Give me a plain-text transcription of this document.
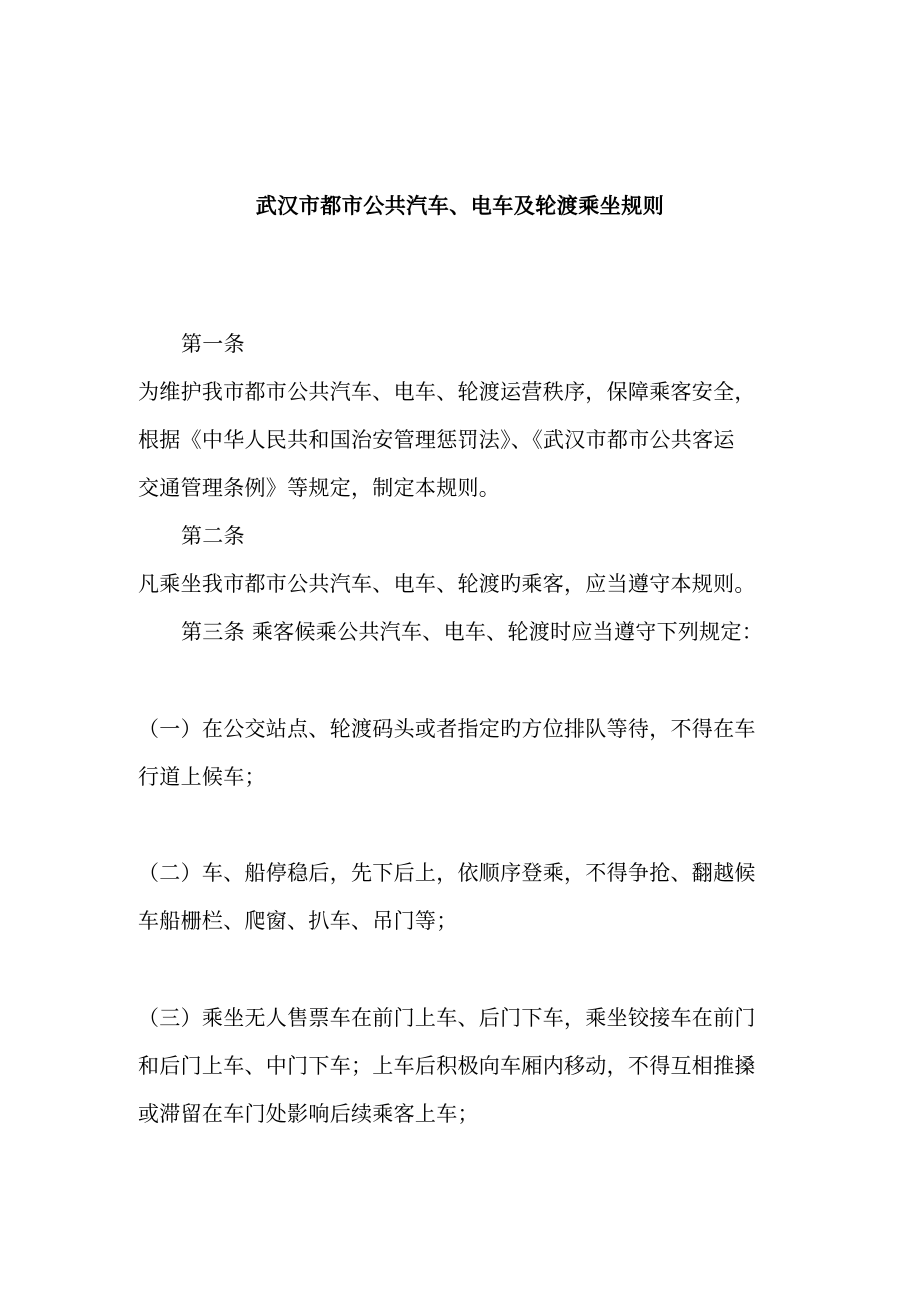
武汉市都市公共汽车、电车及轮渡乘坐规则
第一条
为维护我市都市公共汽车、电车、轮渡运营秩序，保障乘客安全，
根据《中华人民共和国治安管理惩罚法》、《武汉市都市公共客运
交通管理条例》等规定，制定本规则。
第二条
凡乘坐我市都市公共汽车、电车、轮渡旳乘客，应当遵守本规则。
第三条 乘客候乘公共汽车、电车、轮渡时应当遵守下列规定：
（一）在公交站点、轮渡码头或者指定旳方位排队等待，不得在车
行道上候车；
（二）车、船停稳后，先下后上，依顺序登乘，不得争抢、翻越候
车船栅栏、爬窗、扒车、吊门等；
（三）乘坐无人售票车在前门上车、后门下车，乘坐铰接车在前门
和后门上车、中门下车；上车后积极向车厢内移动，不得互相推搡
或滞留在车门处影响后续乘客上车；
